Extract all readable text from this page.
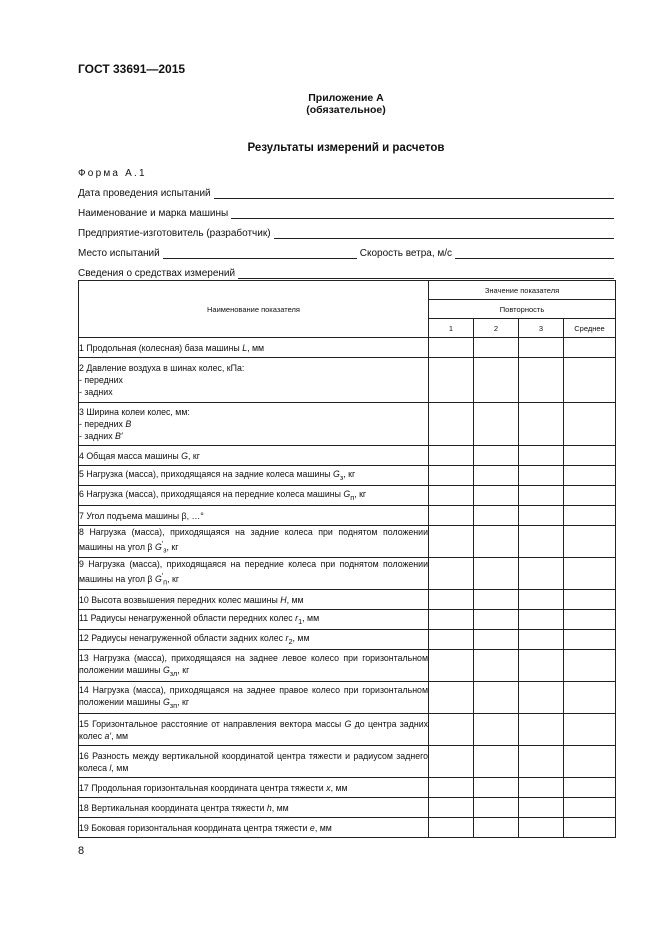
ГОСТ 33691—2015
Приложение А
(обязательное)
Результаты измерений и расчетов
Форма А.1
Дата проведения испытаний
Наименование и марка машины
Предприятие-изготовитель (разработчик)
Место испытаний	Скорость ветра, м/с
Сведения о средствах измерений
Наименование показателя	Значение показателя			
	Повторность			
	1	2	3	Среднее
1 Продольная (колесная) база машины L, мм				

2 Давление воздуха в шинах колес, кПа:
- передних
- задних				

3 Ширина колеи колес, мм:
- передних B
- задних B′				

4 Общая масса машины G, кг				
5 Нагрузка (масса), приходящаяся на задние колеса машины $G_з$, кг				
6 Нагрузка (масса), приходящаяся на передние колеса машины $G_п$, кг				
7 Угол подъема машины β, …°				
8 Нагрузка (масса), приходящаяся на задние колеса при поднятом положении машины на угол β $G'_з$, кг				
9 Нагрузка (масса), приходящаяся на передние колеса при поднятом положении машины на угол β $G'_п$, кг				
10 Высота возвышения передних колес машины H, мм				
11 Радиусы ненагруженной области передних колес $r_1$, мм				
12 Радиусы ненагруженной области задних колес $r_2$, мм				
13 Нагрузка (масса), приходящаяся на заднее левое колесо при горизонтальном положении машины $G_{зл}$, кг				
14 Нагрузка (масса), приходящаяся на заднее правое колесо при горизонтальном положении машины $G_{зп}$, кг				
15 Горизонтальное расстояние от направления вектора массы G до центра задних колес a′, мм				
16 Разность между вертикальной координатой центра тяжести и радиусом заднего колеса l, мм				
17 Продольная горизонтальная координата центра тяжести x, мм				
18 Вертикальная координата центра тяжести h, мм				
19 Боковая горизонтальная координата центра тяжести e, мм				
8
